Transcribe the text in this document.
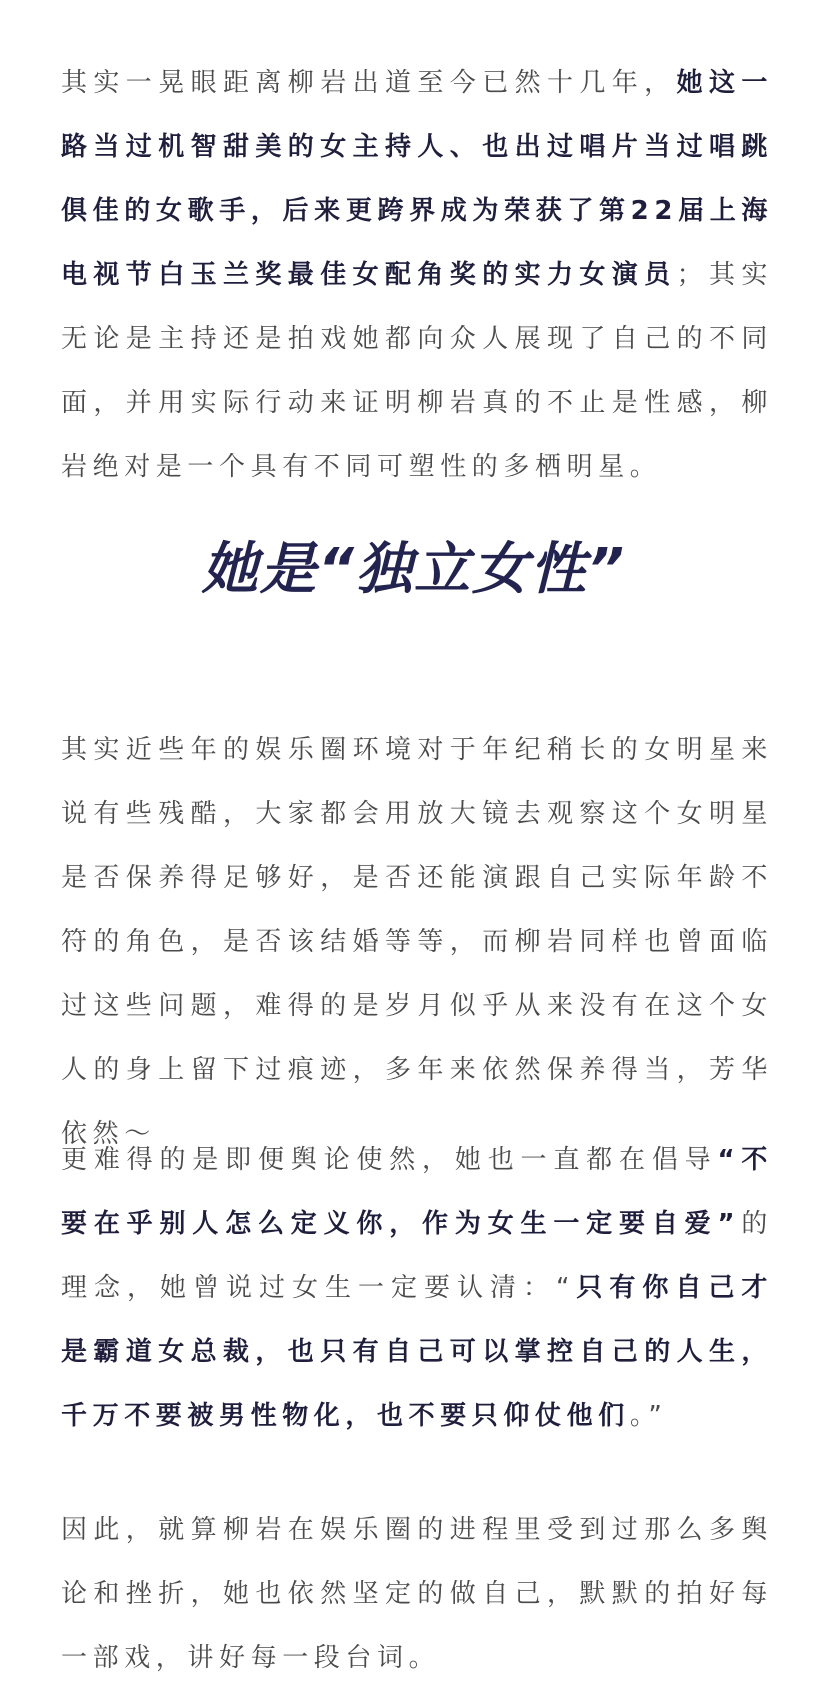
其实一晃眼距离柳岩出道至今已然十几年，她这一路当过机智甜美的女主持人、也出过唱片当过唱跳俱佳的女歌手，后来更跨界成为荣获了第22届上海电视节白玉兰奖最佳女配角奖的实力女演员；其实无论是主持还是拍戏她都向众人展现了自己的不同面，并用实际行动来证明柳岩真的不止是性感，柳岩绝对是一个具有不同可塑性的多栖明星。

她是“独立女性”

其实近些年的娱乐圈环境对于年纪稍长的女明星来说有些残酷，大家都会用放大镜去观察这个女明星是否保养得足够好，是否还能演跟自己实际年龄不符的角色，是否该结婚等等，而柳岩同样也曾面临过这些问题，难得的是岁月似乎从来没有在这个女人的身上留下过痕迹，多年来依然保养得当，芳华依然～

更难得的是即便舆论使然，她也一直都在倡导“不要在乎别人怎么定义你，作为女生一定要自爱”的理念，她曾说过女生一定要认清：“只有你自己才是霸道女总裁，也只有自己可以掌控自己的人生，千万不要被男性物化，也不要只仰仗他们。”

因此，就算柳岩在娱乐圈的进程里受到过那么多舆论和挫折，她也依然坚定的做自己，默默的拍好每一部戏，讲好每一段台词。
